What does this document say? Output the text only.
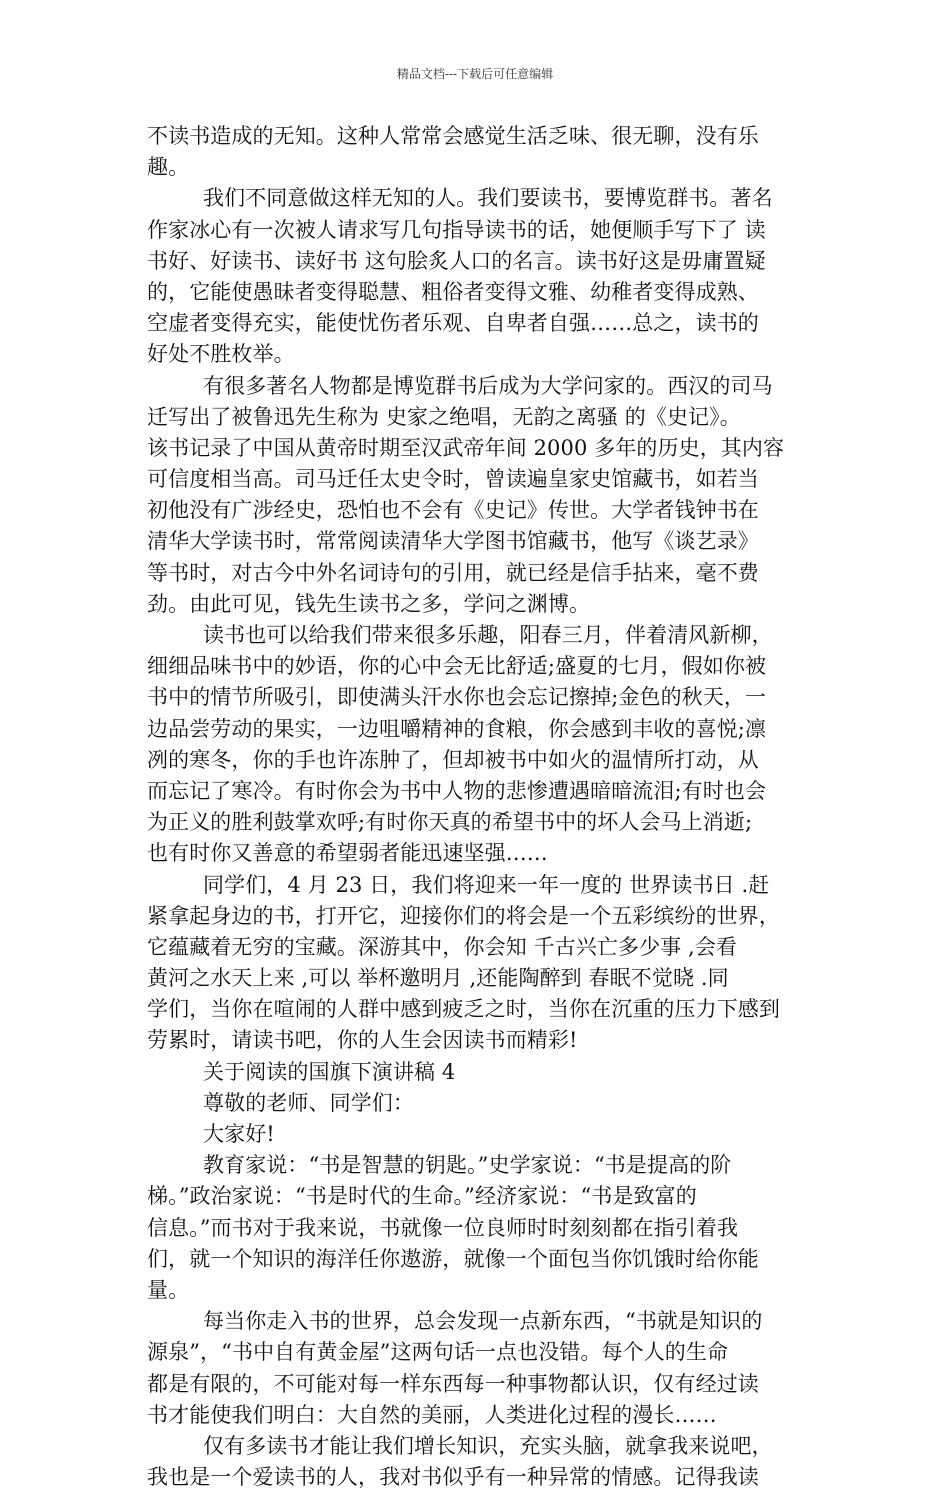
精品文档---下载后可任意编辑
不读书造成的无知。这种人常常会感觉生活乏味、很无聊，没有乐
趣。
我们不同意做这样无知的人。我们要读书，要博览群书。著名
作家冰心有一次被人请求写几句指导读书的话，她便顺手写下了 读
书好、好读书、读好书 这句脍炙人口的名言。读书好这是毋庸置疑
的，它能使愚昧者变得聪慧、粗俗者变得文雅、幼稚者变得成熟、
空虚者变得充实，能使忧伤者乐观、自卑者自强……总之，读书的
好处不胜枚举。
有很多著名人物都是博览群书后成为大学问家的。西汉的司马
迁写出了被鲁迅先生称为 史家之绝唱，无韵之离骚 的《史记》。
该书记录了中国从黄帝时期至汉武帝年间 2000 多年的历史，其内容
可信度相当高。司马迁任太史令时，曾读遍皇家史馆藏书，如若当
初他没有广涉经史，恐怕也不会有《史记》传世。大学者钱钟书在
清华大学读书时，常常阅读清华大学图书馆藏书，他写《谈艺录》
等书时，对古今中外名词诗句的引用，就已经是信手拈来，毫不费
劲。由此可见，钱先生读书之多，学问之渊博。
读书也可以给我们带来很多乐趣，阳春三月，伴着清风新柳，
细细品味书中的妙语，你的心中会无比舒适;盛夏的七月，假如你被
书中的情节所吸引，即使满头汗水你也会忘记擦掉;金色的秋天，一
边品尝劳动的果实，一边咀嚼精神的食粮，你会感到丰收的喜悦;凛
冽的寒冬，你的手也许冻肿了，但却被书中如火的温情所打动，从
而忘记了寒冷。有时你会为书中人物的悲惨遭遇暗暗流泪;有时也会
为正义的胜利鼓掌欢呼;有时你天真的希望书中的坏人会马上消逝;
也有时你又善意的希望弱者能迅速坚强……
同学们，4 月 23 日，我们将迎来一年一度的 世界读书日 .赶
紧拿起身边的书，打开它，迎接你们的将会是一个五彩缤纷的世界，
它蕴藏着无穷的宝藏。深游其中，你会知 千古兴亡多少事 ,会看
黄河之水天上来 ,可以 举杯邀明月 ,还能陶醉到 春眠不觉晓 .同
学们，当你在喧闹的人群中感到疲乏之时，当你在沉重的压力下感到
劳累时，请读书吧，你的人生会因读书而精彩!
关于阅读的国旗下演讲稿 4
尊敬的老师、同学们：
大家好!
教育家说：“书是智慧的钥匙。”史学家说：“书是提高的阶
梯。”政治家说：“书是时代的生命。”经济家说：“书是致富的
信息。”而书对于我来说，书就像一位良师时时刻刻都在指引着我
们，就一个知识的海洋任你遨游，就像一个面包当你饥饿时给你能
量。
每当你走入书的世界，总会发现一点新东西，“书就是知识的
源泉”，“书中自有黄金屋”这两句话一点也没错。每个人的生命
都是有限的，不可能对每一样东西每一种事物都认识，仅有经过读
书才能使我们明白：大自然的美丽，人类进化过程的漫长……
仅有多读书才能让我们增长知识，充实头脑，就拿我来说吧，
我也是一个爱读书的人，我对书似乎有一种异常的情感。记得我读
